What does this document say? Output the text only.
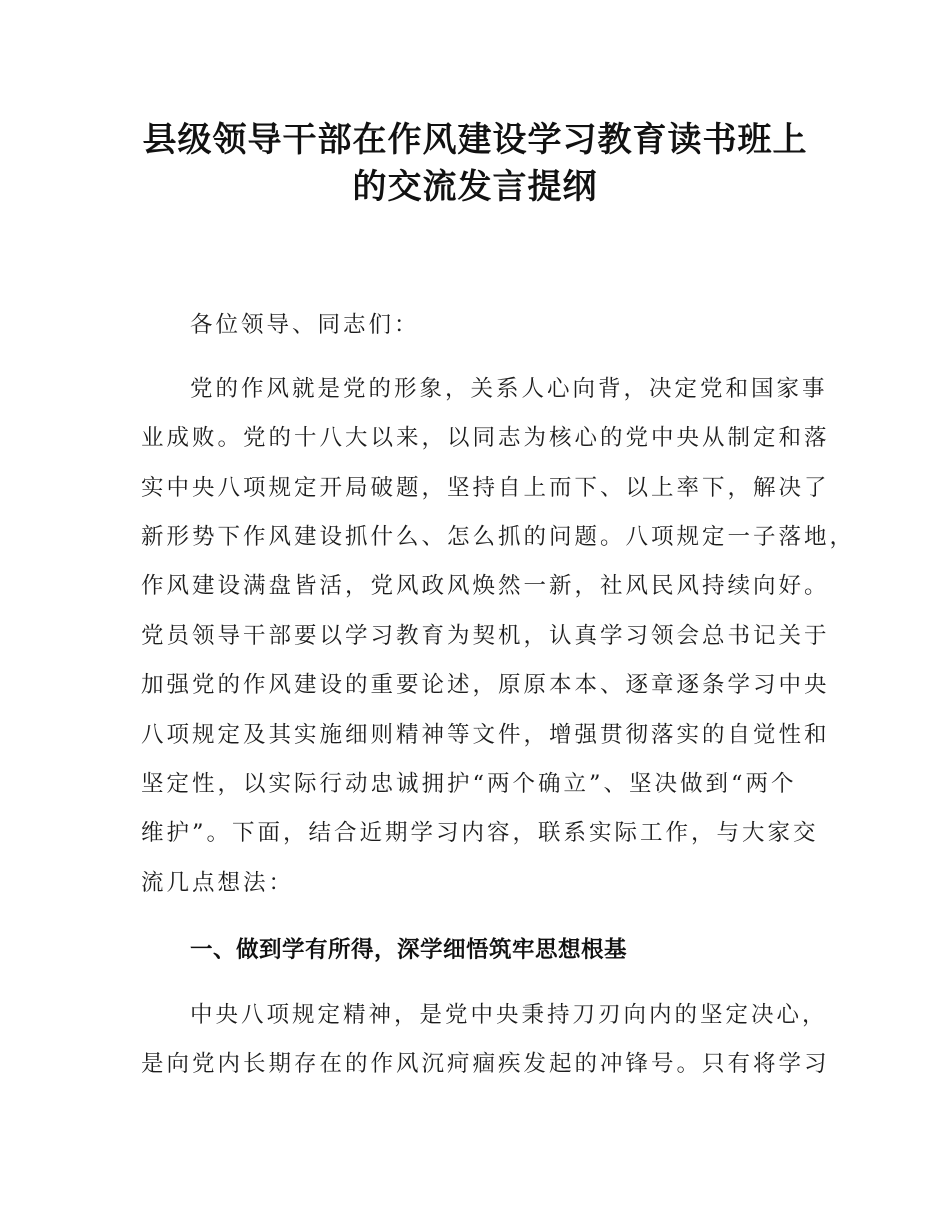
县级领导干部在作风建设学习教育读书班上
的交流发言提纲
各位领导、同志们：
党的作风就是党的形象，关系人心向背，决定党和国家事
业成败。党的十八大以来，以同志为核心的党中央从制定和落
实中央八项规定开局破题，坚持自上而下、以上率下，解决了
新形势下作风建设抓什么、怎么抓的问题。八项规定一子落地，
作风建设满盘皆活，党风政风焕然一新，社风民风持续向好。
党员领导干部要以学习教育为契机，认真学习领会总书记关于
加强党的作风建设的重要论述，原原本本、逐章逐条学习中央
八项规定及其实施细则精神等文件，增强贯彻落实的自觉性和
坚定性，以实际行动忠诚拥护“两个确立”、坚决做到“两个
维护”。下面，结合近期学习内容，联系实际工作，与大家交
流几点想法：
一、做到学有所得，深学细悟筑牢思想根基
中央八项规定精神，是党中央秉持刀刃向内的坚定决心，
是向党内长期存在的作风沉疴痼疾发起的冲锋号。只有将学习
